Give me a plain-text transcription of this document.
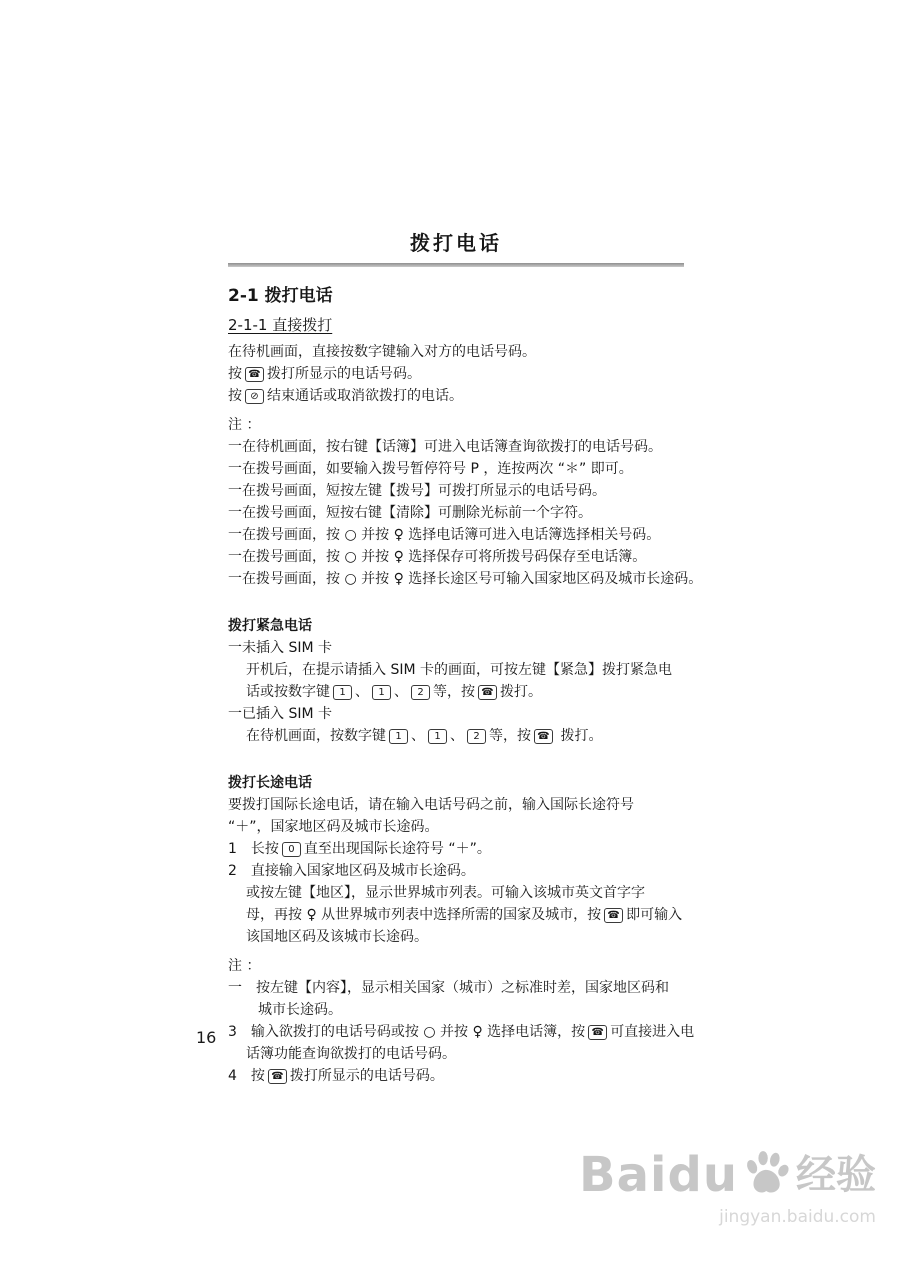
拨打电话
2-1 拨打电话
2-1-1 直接拨打
在待机画面，直接按数字键输入对方的电话号码。
按 ☎ 拨打所显示的电话号码。
按 ⊘ 结束通话或取消欲拨打的电话。
注 ：
一在待机画面，按右键【话簿】可进入电话簿查询欲拨打的电话号码。
一在拨号画面，如要输入拨号暂停符号 P ，连按两次 “＊” 即可。
一在拨号画面，短按左键【拨号】可拨打所显示的电话号码。
一在拨号画面，短按右键【清除】可删除光标前一个字符。
一在拨号画面，按 ○ 并按 ♀ 选择电话簿可进入电话簿选择相关号码。
一在拨号画面，按 ○ 并按 ♀ 选择保存可将所拨号码保存至电话簿。
一在拨号画面，按 ○ 并按 ♀ 选择长途区号可输入国家地区码及城市长途码。
拨打紧急电话
一未插入 SIM 卡
开机后，在提示请插入 SIM 卡的画面，可按左键【紧急】拨打紧急电
话或按数字键 1 、 1 、 2 等，按 ☎ 拨打。
一已插入 SIM 卡
在待机画面，按数字键 1 、 1 、 2 等，按 ☎ 拨打。
拨打长途电话
要拨打国际长途电话，请在输入电话号码之前，输入国际长途符号
“＋”，国家地区码及城市长途码。
1　长按 0 直至出现国际长途符号 “＋”。
2　直接输入国家地区码及城市长途码。
或按左键【地区】，显示世界城市列表。可输入该城市英文首字字
母，再按 ♀ 从世界城市列表中选择所需的国家及城市，按 ☎ 即可输入
该国地区码及该城市长途码。
注 ：
一　按左键【内容】，显示相关国家（城市）之标准时差，国家地区码和
城市长途码。
3　输入欲拨打的电话号码或按 ○ 并按 ♀ 选择电话簿，按 ☎ 可直接进入电
话簿功能查询欲拨打的电话号码。
4　按 ☎ 拨打所显示的电话号码。
16
Baidu 经验
jingyan.baidu.com
